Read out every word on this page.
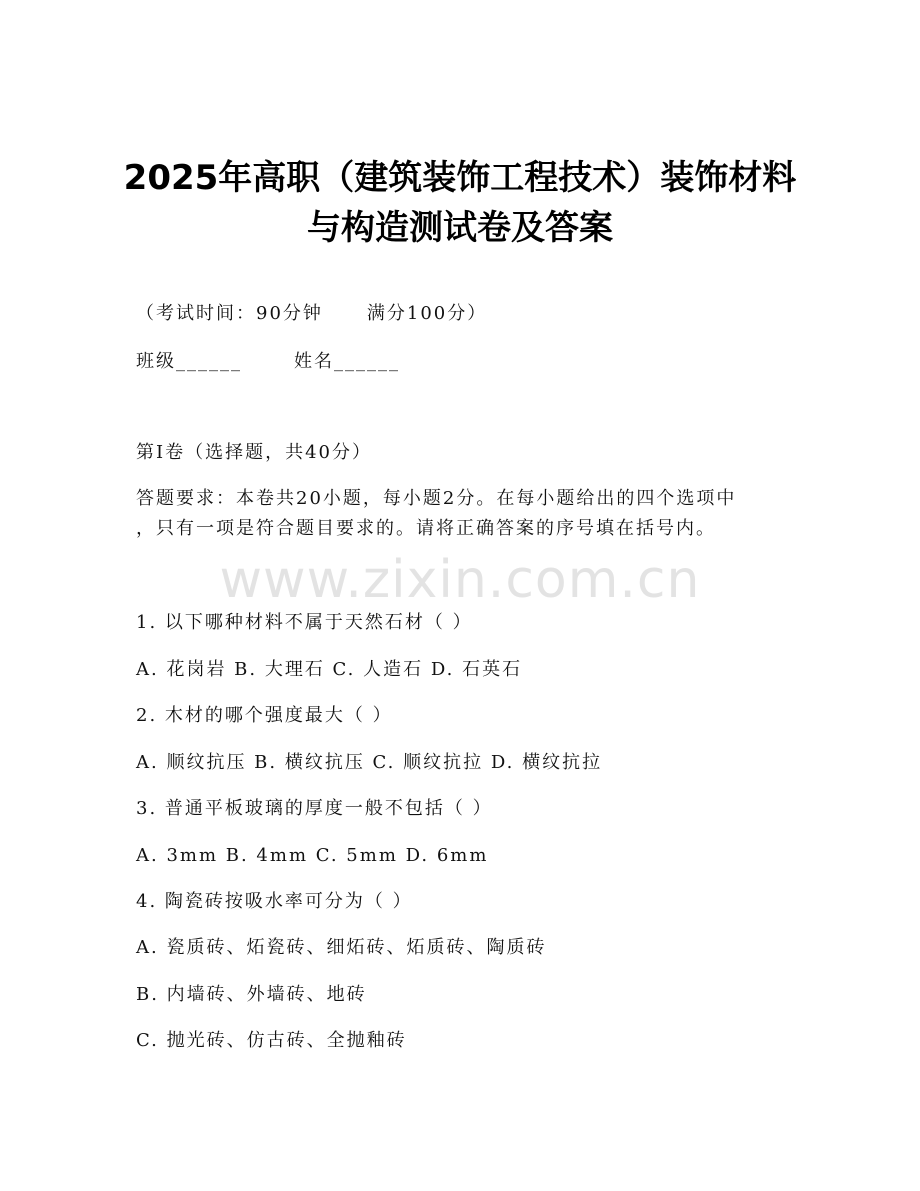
2025年高职（建筑装饰工程技术）装饰材料
与构造测试卷及答案
（考试时间：90分钟 满分100分）
班级______	姓名______
第I卷（选择题，共40分）
答题要求：本卷共20小题，每小题2分。在每小题给出的四个选项中
，只有一项是符合题目要求的。请将正确答案的序号填在括号内。
www.zixin.com.cn
1. 以下哪种材料不属于天然石材（ ）
A. 花岗岩 B. 大理石 C. 人造石 D. 石英石
2. 木材的哪个强度最大（ ）
A. 顺纹抗压 B. 横纹抗压 C. 顺纹抗拉 D. 横纹抗拉
3. 普通平板玻璃的厚度一般不包括（ ）
A. 3mm B. 4mm C. 5mm D. 6mm
4. 陶瓷砖按吸水率可分为（ ）
A. 瓷质砖、炻瓷砖、细炻砖、炻质砖、陶质砖
B. 内墙砖、外墙砖、地砖
C. 抛光砖、仿古砖、全抛釉砖
